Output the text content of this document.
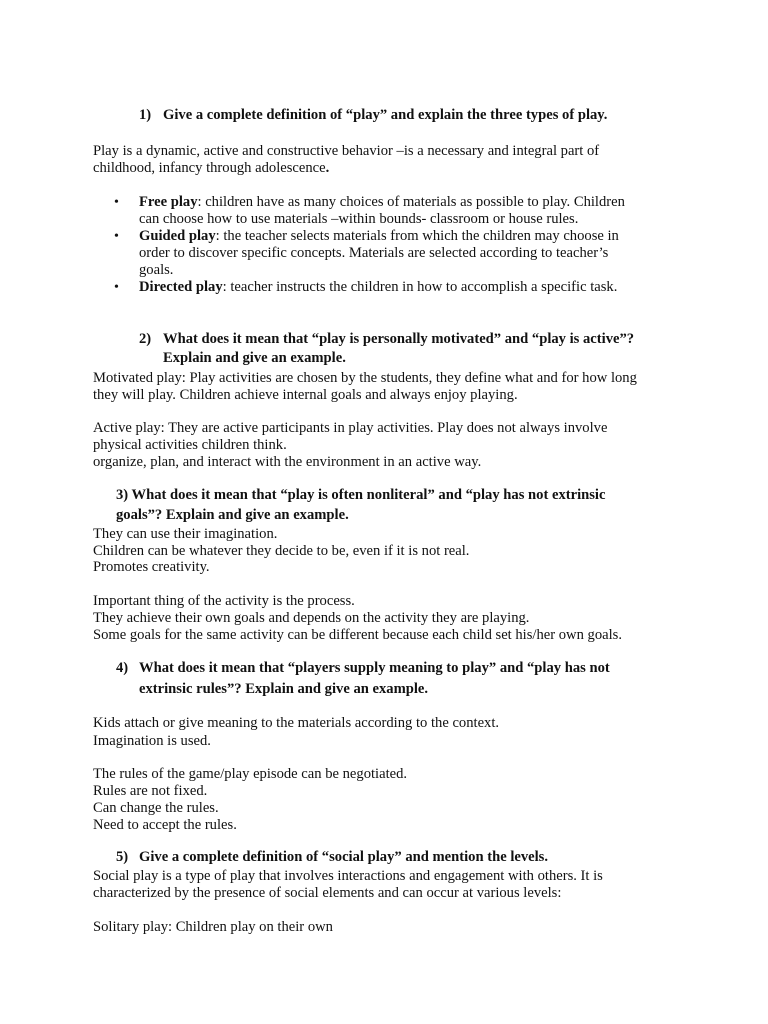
1) Give a complete definition of “play” and explain the three types of play.
Play is a dynamic, active and constructive behavior –is a necessary and integral part of
childhood, infancy through adolescence.
• Free play: children have as many choices of materials as possible to play. Children
can choose how to use materials –within bounds- classroom or house rules.
• Guided play: the teacher selects materials from which the children may choose in
order to discover specific concepts. Materials are selected according to teacher’s
goals.
• Directed play: teacher instructs the children in how to accomplish a specific task.
2) What does it mean that “play is personally motivated” and “play is active”?
Explain and give an example.
Motivated play: Play activities are chosen by the students, they define what and for how long
they will play. Children achieve internal goals and always enjoy playing.
Active play: They are active participants in play activities. Play does not always involve
physical activities children think.
organize, plan, and interact with the environment in an active way.
3) What does it mean that “play is often nonliteral” and “play has not extrinsic
goals”? Explain and give an example.
They can use their imagination.
Children can be whatever they decide to be, even if it is not real.
Promotes creativity.
Important thing of the activity is the process.
They achieve their own goals and depends on the activity they are playing.
Some goals for the same activity can be different because each child set his/her own goals.
4) What does it mean that “players supply meaning to play” and “play has not
extrinsic rules”? Explain and give an example.
Kids attach or give meaning to the materials according to the context.
Imagination is used.
The rules of the game/play episode can be negotiated.
Rules are not fixed.
Can change the rules.
Need to accept the rules.
5) Give a complete definition of “social play” and mention the levels.
Social play is a type of play that involves interactions and engagement with others. It is
characterized by the presence of social elements and can occur at various levels:
Solitary play: Children play on their own
